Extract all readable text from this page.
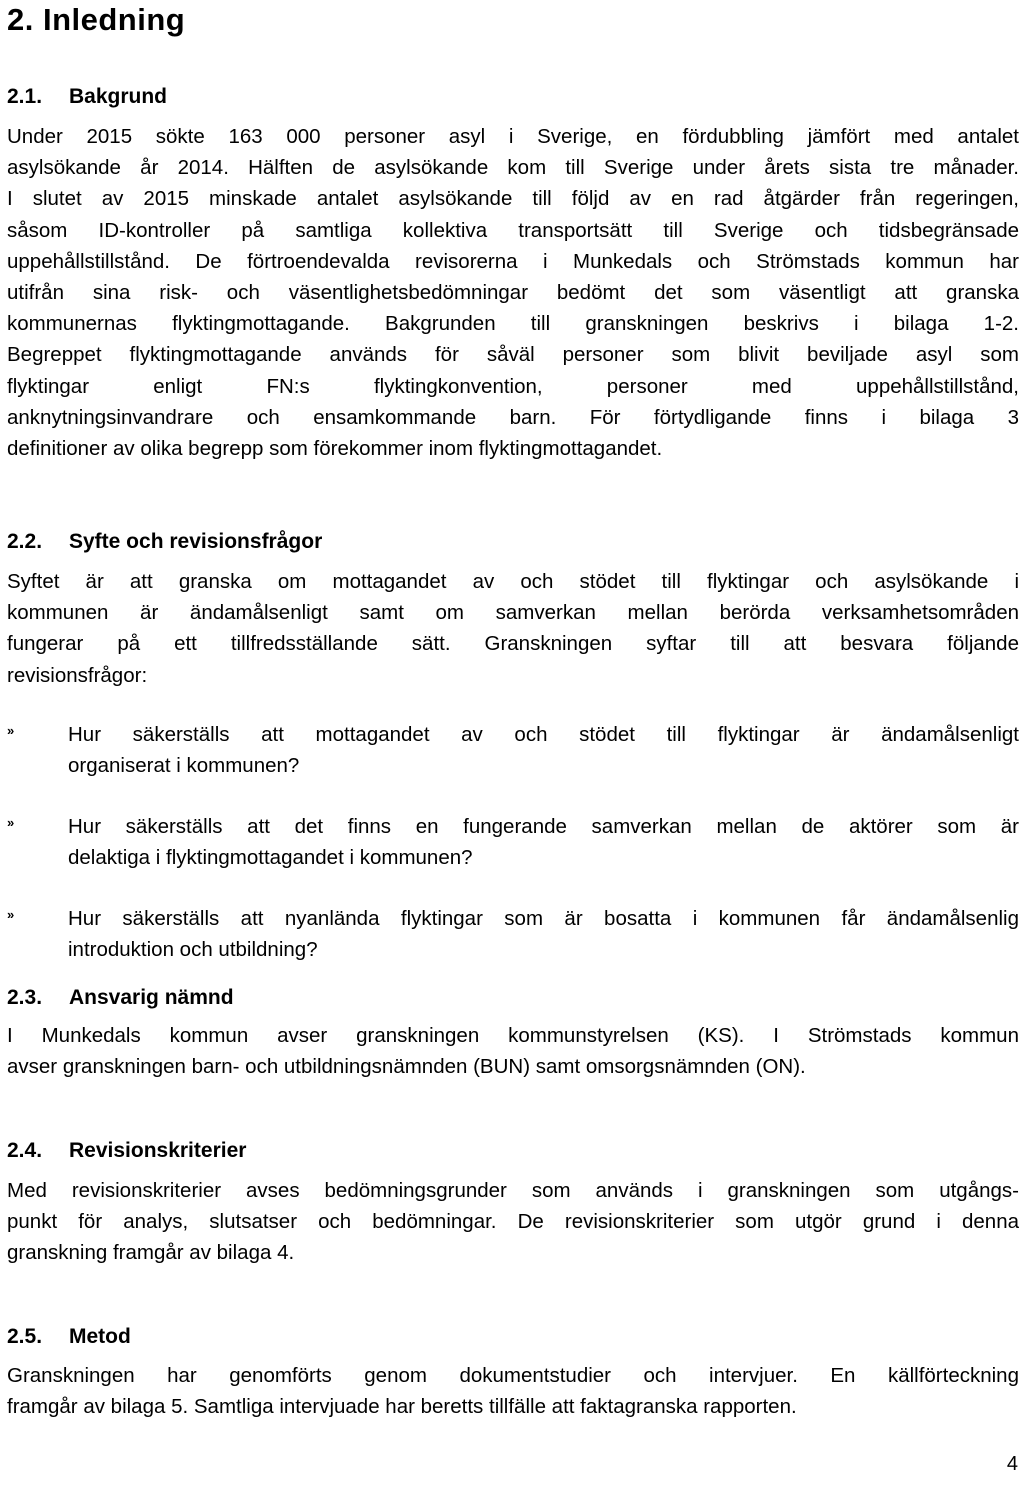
2. Inledning
2.1. Bakgrund
Under 2015 sökte 163 000 personer asyl i Sverige, en fördubbling jämfört med antalet
asylsökande år 2014. Hälften de asylsökande kom till Sverige under årets sista tre månader.
I slutet av 2015 minskade antalet asylsökande till följd av en rad åtgärder från regeringen,
såsom ID-kontroller på samtliga kollektiva transportsätt till Sverige och tidsbegränsade
uppehållstillstånd. De förtroendevalda revisorerna i Munkedals och Strömstads kommun har
utifrån sina risk- och väsentlighetsbedömningar bedömt det som väsentligt att granska
kommunernas flyktingmottagande. Bakgrunden till granskningen beskrivs i bilaga 1-2.
Begreppet flyktingmottagande används för såväl personer som blivit beviljade asyl som
flyktingar enligt FN:s flyktingkonvention, personer med uppehållstillstånd,
anknytningsinvandrare och ensamkommande barn. För förtydligande finns i bilaga 3
definitioner av olika begrepp som förekommer inom flyktingmottagandet.
2.2. Syfte och revisionsfrågor
Syftet är att granska om mottagandet av och stödet till flyktingar och asylsökande i
kommunen är ändamålsenligt samt om samverkan mellan berörda verksamhetsområden
fungerar på ett tillfredsställande sätt. Granskningen syftar till att besvara följande
revisionsfrågor:
»	Hur säkerställs att mottagandet av och stödet till flyktingar är ändamålsenligt
organiserat i kommunen?
»	Hur säkerställs att det finns en fungerande samverkan mellan de aktörer som är
delaktiga i flyktingmottagandet i kommunen?
»	Hur säkerställs att nyanlända flyktingar som är bosatta i kommunen får ändamålsenlig
introduktion och utbildning?
2.3. Ansvarig nämnd
I Munkedals kommun avser granskningen kommunstyrelsen (KS). I Strömstads kommun
avser granskningen barn- och utbildningsnämnden (BUN) samt omsorgsnämnden (ON).
2.4. Revisionskriterier
Med revisionskriterier avses bedömningsgrunder som används i granskningen som utgångs-
punkt för analys, slutsatser och bedömningar. De revisionskriterier som utgör grund i denna
granskning framgår av bilaga 4.
2.5. Metod
Granskningen har genomförts genom dokumentstudier och intervjuer. En källförteckning
framgår av bilaga 5. Samtliga intervjuade har beretts tillfälle att faktagranska rapporten.
4
